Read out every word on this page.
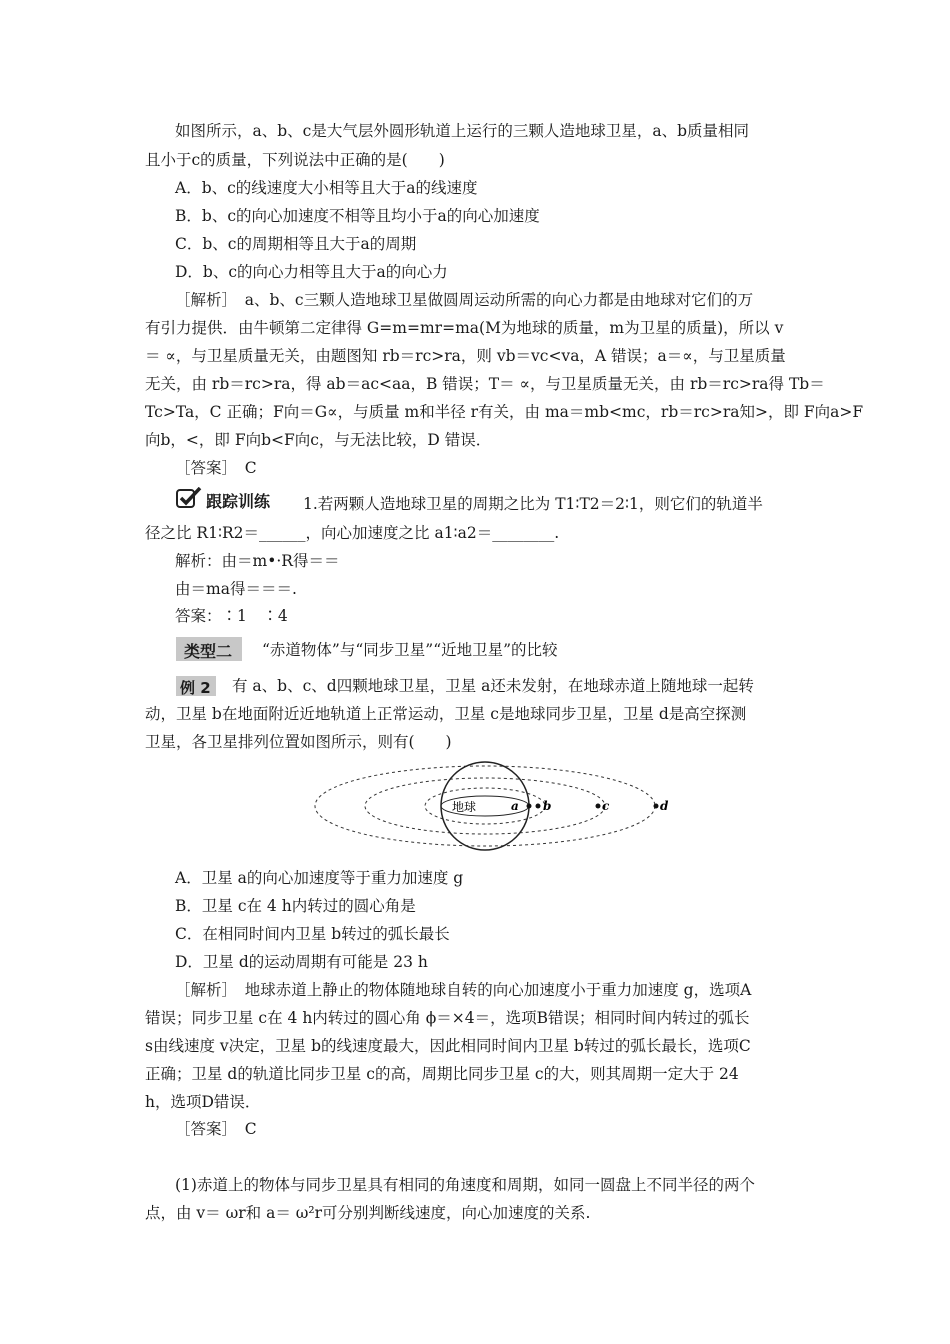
如图所示，a、b、c是大气层外圆形轨道上运行的三颗人造地球卫星，a、b质量相同
且小于c的质量，下列说法中正确的是(　　)
A．b、c的线速度大小相等且大于a的线速度
B．b、c的向心加速度不相等且均小于a的向心加速度
C．b、c的周期相等且大于a的周期
D．b、c的向心力相等且大于a的向心力
［解析］　a、b、c三颗人造地球卫星做圆周运动所需的向心力都是由地球对它们的万
有引力提供．由牛顿第二定律得 G=m=mr=ma(M为地球的质量，m为卫星的质量)，所以 v
＝ ∝，与卫星质量无关，由题图知 rb＝rc>ra，则 vb＝vc<va，A 错误；a＝∝，与卫星质量
无关，由 rb＝rc>ra，得 ab＝ac<aa，B 错误；T＝ ∝，与卫星质量无关，由 rb＝rc>ra得 Tb＝
Tc>Ta，C 正确；F向＝G∝，与质量 m和半径 r有关，由 ma＝mb<mc，rb＝rc>ra知>，即 F向a>F
向b，<，即 F向b<F向c，与无法比较，D 错误．
［答案］　C
跟踪训练 1.若两颗人造地球卫星的周期之比为 T1∶T2＝2∶1，则它们的轨道半
径之比 R1∶R2＝______，向心加速度之比 a1∶a2＝________.
解析：由＝m•·R得＝＝
由＝ma得＝＝＝.
答案：∶1　∶4
类型二 “赤道物体”与“同步卫星”“近地卫星”的比较
例 2 有 a、b、c、d四颗地球卫星，卫星 a还未发射，在地球赤道上随地球一起转
动，卫星 b在地面附近近地轨道上正常运动，卫星 c是地球同步卫星，卫星 d是高空探测
卫星，各卫星排列位置如图所示，则有(　　)
地球	a b	c	d
A．卫星 a的向心加速度等于重力加速度 g
B．卫星 c在 4 h内转过的圆心角是
C．在相同时间内卫星 b转过的弧长最长
D．卫星 d的运动周期有可能是 23 h
［解析］　地球赤道上静止的物体随地球自转的向心加速度小于重力加速度 g，选项A
错误；同步卫星 c在 4 h内转过的圆心角 ϕ＝×4＝，选项B错误；相同时间内转过的弧长
s由线速度 v决定，卫星 b的线速度最大，因此相同时间内卫星 b转过的弧长最长，选项C
正确；卫星 d的轨道比同步卫星 c的高，周期比同步卫星 c的大，则其周期一定大于 24
h，选项D错误．
［答案］　C
(1)赤道上的物体与同步卫星具有相同的角速度和周期，如同一圆盘上不同半径的两个
点，由 v＝ ωr和 a＝ ω²r可分别判断线速度，向心加速度的关系.
